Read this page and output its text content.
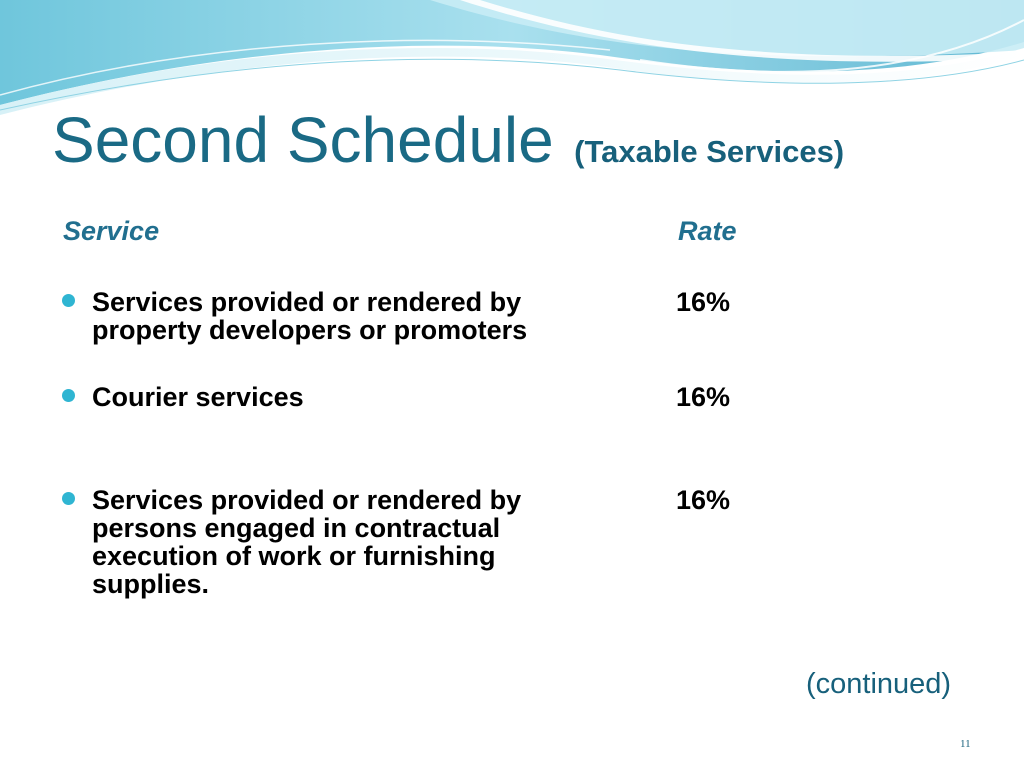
Second Schedule (Taxable Services)
Service	Rate
Services provided or rendered by property developers or promoters
16%
Courier services	16%
Services provided or rendered by persons engaged in contractual execution of work or furnishing supplies.
16%
(continued)
11
